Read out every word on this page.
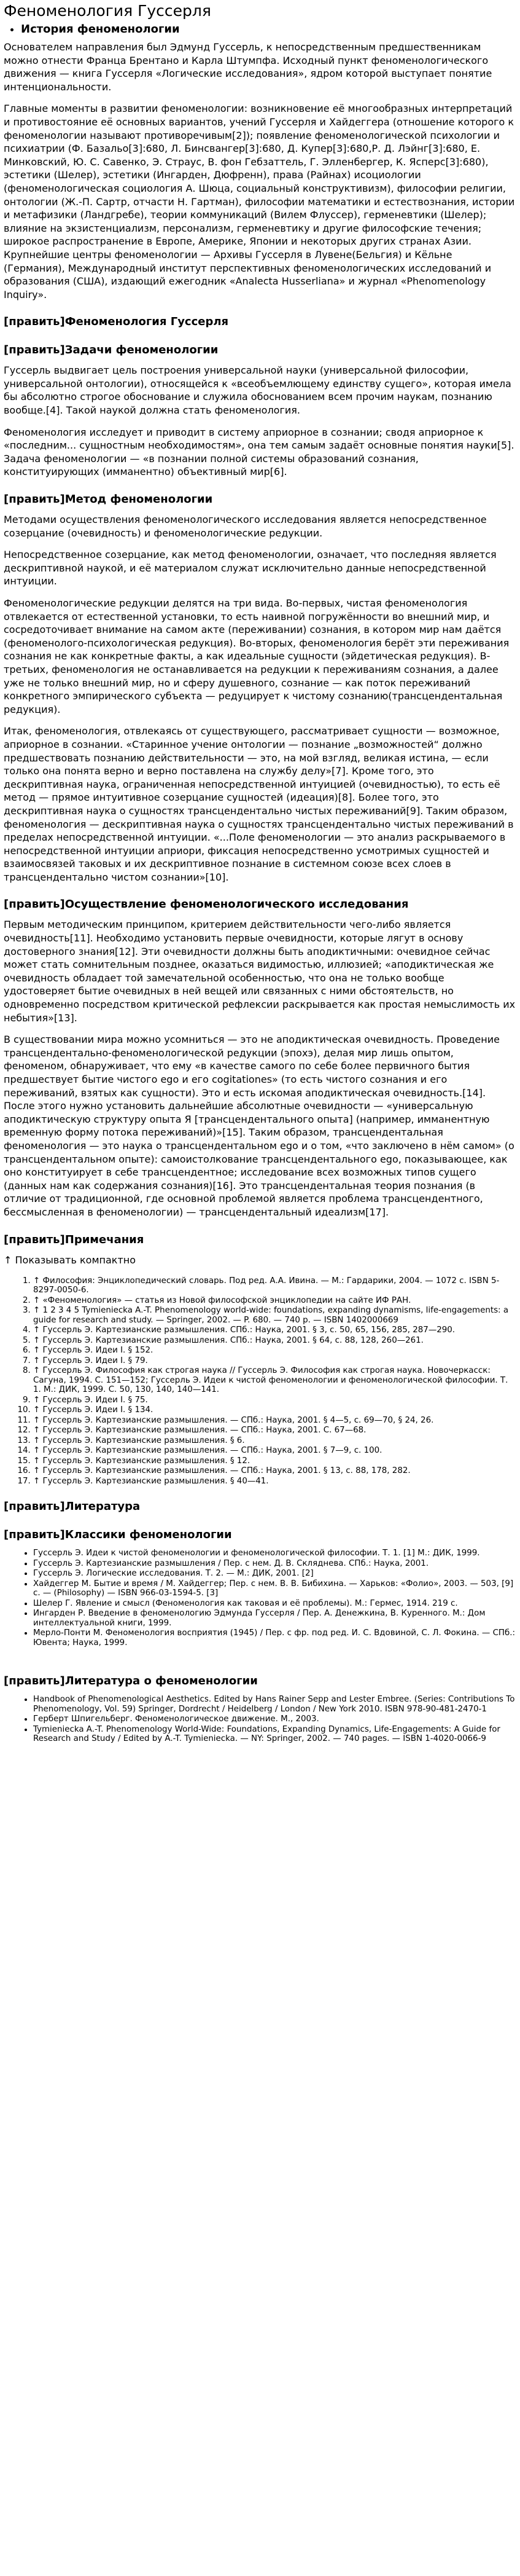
Феноменология Гуссерля
• История феноменологии

Основателем направления был Эдмунд Гуссерль, к непосредственным предшественникам можно отнести Франца Брентано и Карла Штумпфа. Исходный пункт феноменологического движения — книга Гуссерля «Логические исследования», ядром которой выступает понятие интенциональности.

Главные моменты в развитии феноменологии: возникновение её многообразных интерпретаций и противостояние её основных вариантов, учений Гуссерля и Хайдеггера (отношение которого к феноменологии называют противоречивым[2]); появление феноменологической психологии и психиатрии (Ф. Базальо[3]:680, Л. Бинсвангер[3]:680, Д. Купер[3]:680,Р. Д. Лэйнг[3]:680, Е. Минковский, Ю. С. Савенко, Э. Страус, В. фон Гебзаттель, Г. Элленбергер, К. Ясперс[3]:680), эстетики (Шелер), эстетики (Ингарден, Дюфренн), права (Райнах) исоциологии (феноменологическая социология А. Шюца, социальный конструктивизм), философии религии, онтологии (Ж.-П. Сартр, отчасти Н. Гартман), философии математики и естествознания, истории и метафизики (Ландгребе), теории коммуникаций (Вилем Флуссер), герменевтики (Шелер); влияние на экзистенциализм, персонализм, герменевтику и другие философские течения; широкое распространение в Европе, Америке, Японии и некоторых других странах Азии. Крупнейшие центры феноменологии — Архивы Гуссерля в Лувене(Бельгия) и Кёльне (Германия), Международный институт перспективных феноменологических исследований и образования (США), издающий ежегодник «Analecta Husserliana» и журнал «Phenomenology Inquiry».

[править]Феноменология Гуссерля
[править]Задачи феноменологии

Гуссерль выдвигает цель построения универсальной науки (универсальной философии, универсальной онтологии), относящейся к «всеобъемлющему единству сущего», которая имела бы абсолютно строгое обоснование и служила обоснованием всем прочим наукам, познанию вообще.[4]. Такой наукой должна стать феноменология.

Феноменология исследует и приводит в систему априорное в сознании; сводя априорное к «последним... сущностным необходимостям», она тем самым задаёт основные понятия науки[5]. Задача феноменологии — «в познании полной системы образований сознания, конституирующих (имманентно) объективный мир[6].

[править]Метод феноменологии

Методами осуществления феноменологического исследования является непосредственное созерцание (очевидность) и феноменологические редукции.

Непосредственное созерцание, как метод феноменологии, означает, что последняя является дескриптивной наукой, и её материалом служат исключительно данные непосредственной интуиции.

Феноменологические редукции делятся на три вида. Во-первых, чистая феноменология отвлекается от естественной установки, то есть наивной погружённости во внешний мир, и сосредоточивает внимание на самом акте (переживании) сознания, в котором мир нам даётся (феноменолого-психологическая редукция). Во-вторых, феноменология берёт эти переживания сознания не как конкретные факты, а как идеальные сущности (эйдетическая редукция). В-третьих, феноменология не останавливается на редукции к переживаниям сознания, а далее уже не только внешний мир, но и сферу душевного, сознание — как поток переживаний конкретного эмпирического субъекта — редуцирует к чистому сознанию(трансцендентальная редукция).

Итак, феноменология, отвлекаясь от существующего, рассматривает сущности — возможное, априорное в сознании. «Старинное учение онтологии — познание „возможностей“ должно предшествовать познанию действительности — это, на мой взгляд, великая истина, — если только она понята верно и верно поставлена на службу делу»[7]. Кроме того, это дескриптивная наука, ограниченная непосредственной интуицией (очевидностью), то есть её метод — прямое интуитивное созерцание сущностей (идеация)[8]. Более того, это дескриптивная наука о сущностях трансцендентально чистых переживаний[9]. Таким образом, феноменология — дескриптивная наука о сущностях трансцендентально чистых переживаний в пределах непосредственной интуиции. «...Поле феноменологии — это анализ раскрываемого в непосредственной интуиции априори, фиксация непосредственно усмотримых сущностей и взаимосвязей таковых и их дескриптивное познание в системном союзе всех слоев в трансцендентально чистом сознании»[10].

[править]Осуществление феноменологического исследования

Первым методическим принципом, критерием действительности чего-либо является очевидность[11]. Необходимо установить первые очевидности, которые лягут в основу достоверного знания[12]. Эти очевидности должны быть аподиктичными: очевидное сейчас может стать сомнительным позднее, оказаться видимостью, иллюзией; «аподиктическая же очевидность обладает той замечательной особенностью, что она не только вообще удостоверяет бытие очевидных в ней вещей или связанных с ними обстоятельств, но одновременно посредством критической рефлексии раскрывается как простая немыслимость их небытия»[13].

В существовании мира можно усомниться — это не аподиктическая очевидность. Проведение трансцендентально-феноменологической редукции (эпохэ), делая мир лишь опытом, феноменом, обнаруживает, что ему «в качестве самого по себе более первичного бытия предшествует бытие чистого ego и его cogitationes» (то есть чистого сознания и его переживаний, взятых как сущности). Это и есть искомая аподиктическая очевидность.[14]. После этого нужно установить дальнейшие абсолютные очевидности — «универсальную аподиктическую структуру опыта Я [трансцендентального опыта] (например, имманентную временную форму потока переживаний)»[15]. Таким образом, трансцендентальная феноменология — это наука о трансцендентальном ego и о том, «что заключено в нём самом» (о трансцендентальном опыте): самоистолкование трансцендентального ego, показывающее, как оно конституирует в себе трансцендентное; исследование всех возможных типов сущего (данных нам как содержания сознания)[16]. Это трансцендентальная теория познания (в отличие от традиционной, где основной проблемой является проблема трансцендентного, бессмысленная в феноменологии) — трансцендентальный идеализм[17].

[править]Примечания
↑ Показывать компактно
1. ↑ Философия: Энциклопедический словарь. Под ред. А.А. Ивина. — М.: Гардарики, 2004. — 1072 с. ISBN 5-8297-0050-6.
2. ↑ «Феноменология» — статья из Новой философской энциклопедии на сайте ИФ РАН.
3. ↑ 1 2 3 4 5 Tymieniecka A.-T. Phenomenology world-wide: foundations, expanding dynamisms, life-engagements: a guide for research and study. — Springer, 2002. — P. 680. — 740 p. — ISBN 1402000669
4. ↑ Гуссерль Э. Картезианские размышления. СПб.: Наука, 2001. § 3, с. 50, 65, 156, 285, 287—290.
5. ↑ Гуссерль Э. Картезианские размышления. СПб.: Наука, 2001. § 64, с. 88, 128, 260—261.
6. ↑ Гуссерль Э. Идеи I. § 152.
7. ↑ Гуссерль Э. Идеи I. § 79.
8. ↑ Гуссерль Э. Философия как строгая наука // Гуссерль Э. Философия как строгая наука. Новочеркасск: Сагуна, 1994. С. 151—152; Гуссерль Э. Идеи к чистой феноменологии и феноменологической философии. Т. 1. М.: ДИК, 1999. С. 50, 130, 140, 140—141.
9. ↑ Гуссерль Э. Идеи I. § 75.
10. ↑ Гуссерль Э. Идеи I. § 134.
11. ↑ Гуссерль Э. Картезианские размышления. — СПб.: Наука, 2001. § 4—5, с. 69—70, § 24, 26.
12. ↑ Гуссерль Э. Картезианские размышления. — СПб.: Наука, 2001. С. 67—68.
13. ↑ Гуссерль Э. Картезианские размышления. § 6.
14. ↑ Гуссерль Э. Картезианские размышления. — СПб.: Наука, 2001. § 7—9, с. 100.
15. ↑ Гуссерль Э. Картезианские размышления. § 12.
16. ↑ Гуссерль Э. Картезианские размышления. — СПб.: Наука, 2001. § 13, с. 88, 178, 282.
17. ↑ Гуссерль Э. Картезианские размышления. § 40—41.
[править]Литература
[править]Классики феноменологии
• Гуссерль Э. Идеи к чистой феноменологии и феноменологической философии. Т. 1. [1] М.: ДИК, 1999.
• Гуссерль Э. Картезианские размышления / Пер. с нем. Д. В. Скляднева. СПб.: Наука, 2001.
• Гуссерль Э. Логические исследования. Т. 2. — М.: ДИК, 2001. [2]
• Хайдеггер М. Бытие и время / М. Хайдеггер; Пер. с нем. В. В. Бибихина. — Харьков: «Фолио», 2003. — 503, [9] с. — (Philosophy) — ISBN 966-03-1594-5. [3]
• Шелер Г. Явление и смысл (Феноменология как таковая и её проблемы). М.: Гермес, 1914. 219 с.
• Ингарден Р. Введение в феноменологию Эдмунда Гуссерля / Пер. А. Денежкина, В. Куренного. М.: Дом интеллектуальной книги, 1999.
• Мерло-Понти М. Феноменология восприятия (1945) / Пер. с фр. под ред. И. С. Вдовиной, С. Л. Фокина. — СПб.: Ювента; Наука, 1999.
[править]Литература о феноменологии
• Handbook of Phenomenological Aesthetics. Edited by Hans Rainer Sepp and Lester Embree. (Series: Contributions To Phenomenology, Vol. 59) Springer, Dordrecht / Heidelberg / London / New York 2010. ISBN 978-90-481-2470-1
• Герберт Шпигельберг. Феноменологическое движение. М., 2003.
• Tymieniecka A.-T. Phenomenology World-Wide: Foundations, Expanding Dynamics, Life-Engagements: A Guide for Research and Study / Edited by A.-T. Tymieniecka. — NY: Springer, 2002. — 740 pages. — ISBN 1-4020-0066-9
